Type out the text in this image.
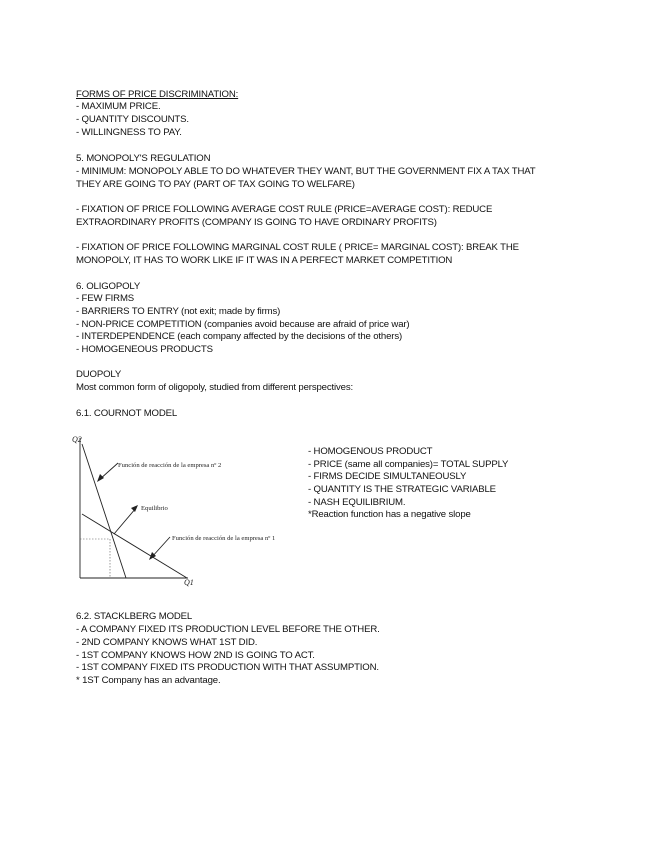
FORMS OF PRICE DISCRIMINATION:
- MAXIMUM PRICE.
- QUANTITY DISCOUNTS.
- WILLINGNESS TO PAY.
5. MONOPOLY'S REGULATION
- MINIMUM: MONOPOLY ABLE TO DO WHATEVER THEY WANT, BUT THE GOVERNMENT FIX A TAX THAT
THEY ARE GOING TO PAY (PART OF TAX GOING TO WELFARE)
- FIXATION OF PRICE FOLLOWING AVERAGE COST RULE (PRICE=AVERAGE COST): REDUCE
EXTRAORDINARY PROFITS (COMPANY IS GOING TO HAVE ORDINARY PROFITS)
- FIXATION OF PRICE FOLLOWING MARGINAL COST RULE ( PRICE= MARGINAL COST): BREAK THE
MONOPOLY, IT HAS TO WORK LIKE IF IT WAS IN A PERFECT MARKET COMPETITION
6. OLIGOPOLY
- FEW FIRMS
- BARRIERS TO ENTRY (not exit; made by firms)
- NON-PRICE COMPETITION (companies avoid because are afraid of price war)
- INTERDEPENDENCE (each company affected by the decisions of the others)
- HOMOGENEOUS PRODUCTS
DUOPOLY
Most common form of oligopoly, studied from different perspectives:
6.1. COURNOT MODEL
Q2
Q1
Función de reacción de la empresa nº 2
Equilibrio
Función de reacción de la empresa nº 1
- HOMOGENOUS PRODUCT
- PRICE (same all companies)= TOTAL SUPPLY
- FIRMS DECIDE SIMULTANEOUSLY
- QUANTITY IS THE STRATEGIC VARIABLE
- NASH EQUILIBRIUM.
*Reaction function has a negative slope
6.2. STACKLBERG MODEL
- A COMPANY FIXED ITS PRODUCTION LEVEL BEFORE THE OTHER.
- 2ND COMPANY KNOWS WHAT 1ST DID.
- 1ST COMPANY KNOWS HOW 2ND IS GOING TO ACT.
- 1ST COMPANY FIXED ITS PRODUCTION WITH THAT ASSUMPTION.
* 1ST Company has an advantage.
